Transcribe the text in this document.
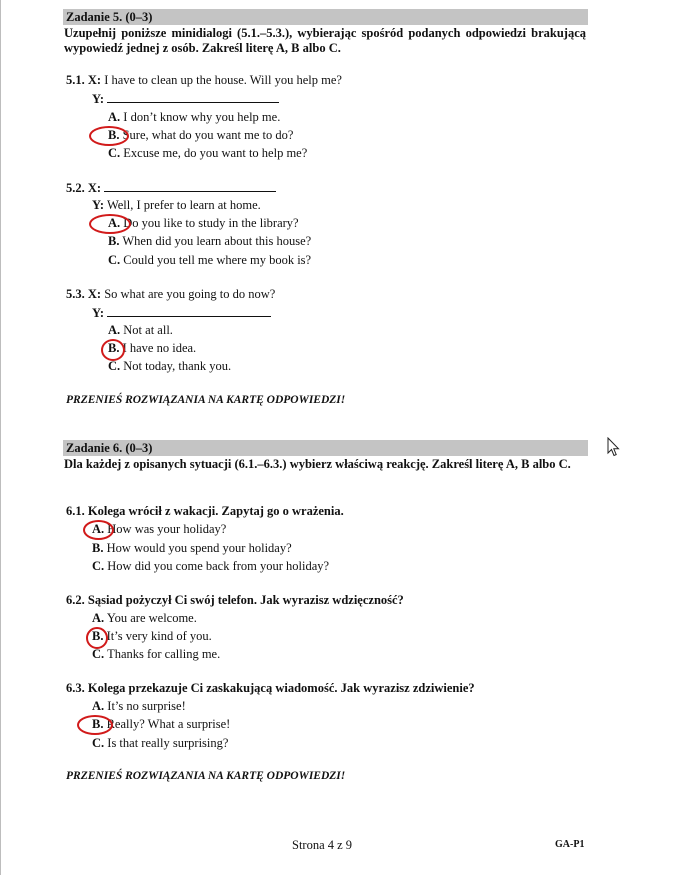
Zadanie 5. (0–3)
Uzupełnij poniższe minidialogi (5.1.–5.3.), wybierając spośród podanych odpowiedzi brakującą wypowiedź jednej z osób. Zakreśl literę A, B albo C.
5.1. X: I have to clean up the house. Will you help me?
Y:
A. I don’t know why you help me.
B. Sure, what do you want me to do?
C. Excuse me, do you want to help me?
5.2. X:
Y: Well, I prefer to learn at home.
A. Do you like to study in the library?
B. When did you learn about this house?
C. Could you tell me where my book is?
5.3. X: So what are you going to do now?
Y:
A. Not at all.
B. I have no idea.
C. Not today, thank you.
PRZENIEŚ ROZWIĄZANIA NA KARTĘ ODPOWIEDZI!
Zadanie 6. (0–3)
Dla każdej z opisanych sytuacji (6.1.–6.3.) wybierz właściwą reakcję. Zakreśl literę A, B albo C.
6.1. Kolega wrócił z wakacji. Zapytaj go o wrażenia.
A. How was your holiday?
B. How would you spend your holiday?
C. How did you come back from your holiday?
6.2. Sąsiad pożyczył Ci swój telefon. Jak wyrazisz wdzięczność?
A. You are welcome.
B. It’s very kind of you.
C. Thanks for calling me.
6.3. Kolega przekazuje Ci zaskakującą wiadomość. Jak wyrazisz zdziwienie?
A. It’s no surprise!
B. Really? What a surprise!
C. Is that really surprising?
PRZENIEŚ ROZWIĄZANIA NA KARTĘ ODPOWIEDZI!
Strona 4 z 9	GA-P1
